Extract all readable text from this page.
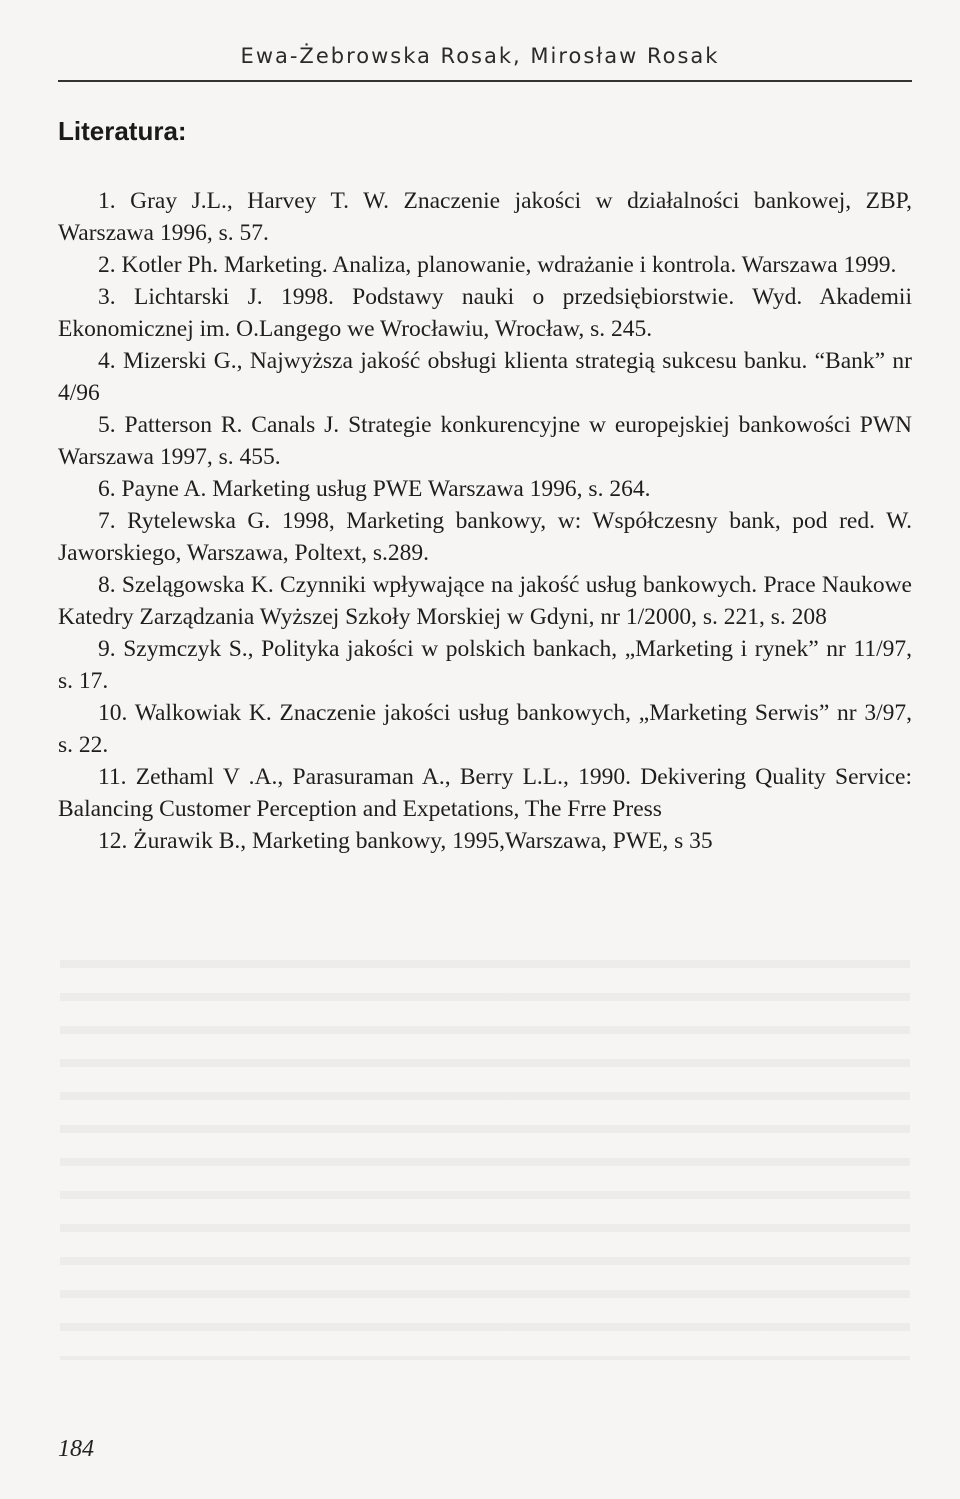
Ewa-Żebrowska Rosak, Mirosław Rosak
Literatura:
1. Gray J.L., Harvey T. W. Znaczenie jakości w działalności bankowej, ZBP, Warszawa 1996, s. 57.
2. Kotler Ph. Marketing. Analiza, planowanie, wdrażanie i kontrola. Warszawa 1999.
3. Lichtarski J. 1998. Podstawy nauki o przedsiębiorstwie. Wyd. Akademii Ekonomicznej im. O.Langego we Wrocławiu, Wrocław, s. 245.
4. Mizerski G., Najwyższa jakość obsługi klienta strategią sukcesu banku. “Bank” nr 4/96
5. Patterson R. Canals J. Strategie konkurencyjne w europejskiej bankowości PWN Warszawa 1997, s. 455.
6. Payne A. Marketing usług PWE Warszawa 1996, s. 264.
7. Rytelewska G. 1998, Marketing bankowy, w: Współczesny bank, pod red. W. Jaworskiego, Warszawa, Poltext, s.289.
8. Szelągowska K. Czynniki wpływające na jakość usług bankowych. Prace Naukowe Katedry Zarządzania Wyższej Szkoły Morskiej w Gdyni, nr 1/2000, s. 221, s. 208
9. Szymczyk S., Polityka jakości w polskich bankach, „Marketing i rynek” nr 11/97, s. 17.
10. Walkowiak K. Znaczenie jakości usług bankowych, „Marketing Serwis” nr 3/97, s. 22.
11. Zethaml V .A., Parasuraman A., Berry L.L., 1990. Dekivering Quality Service: Balancing Customer Perception and Expetations, The Frre Press
12. Żurawik B., Marketing bankowy, 1995,Warszawa, PWE, s 35
184
